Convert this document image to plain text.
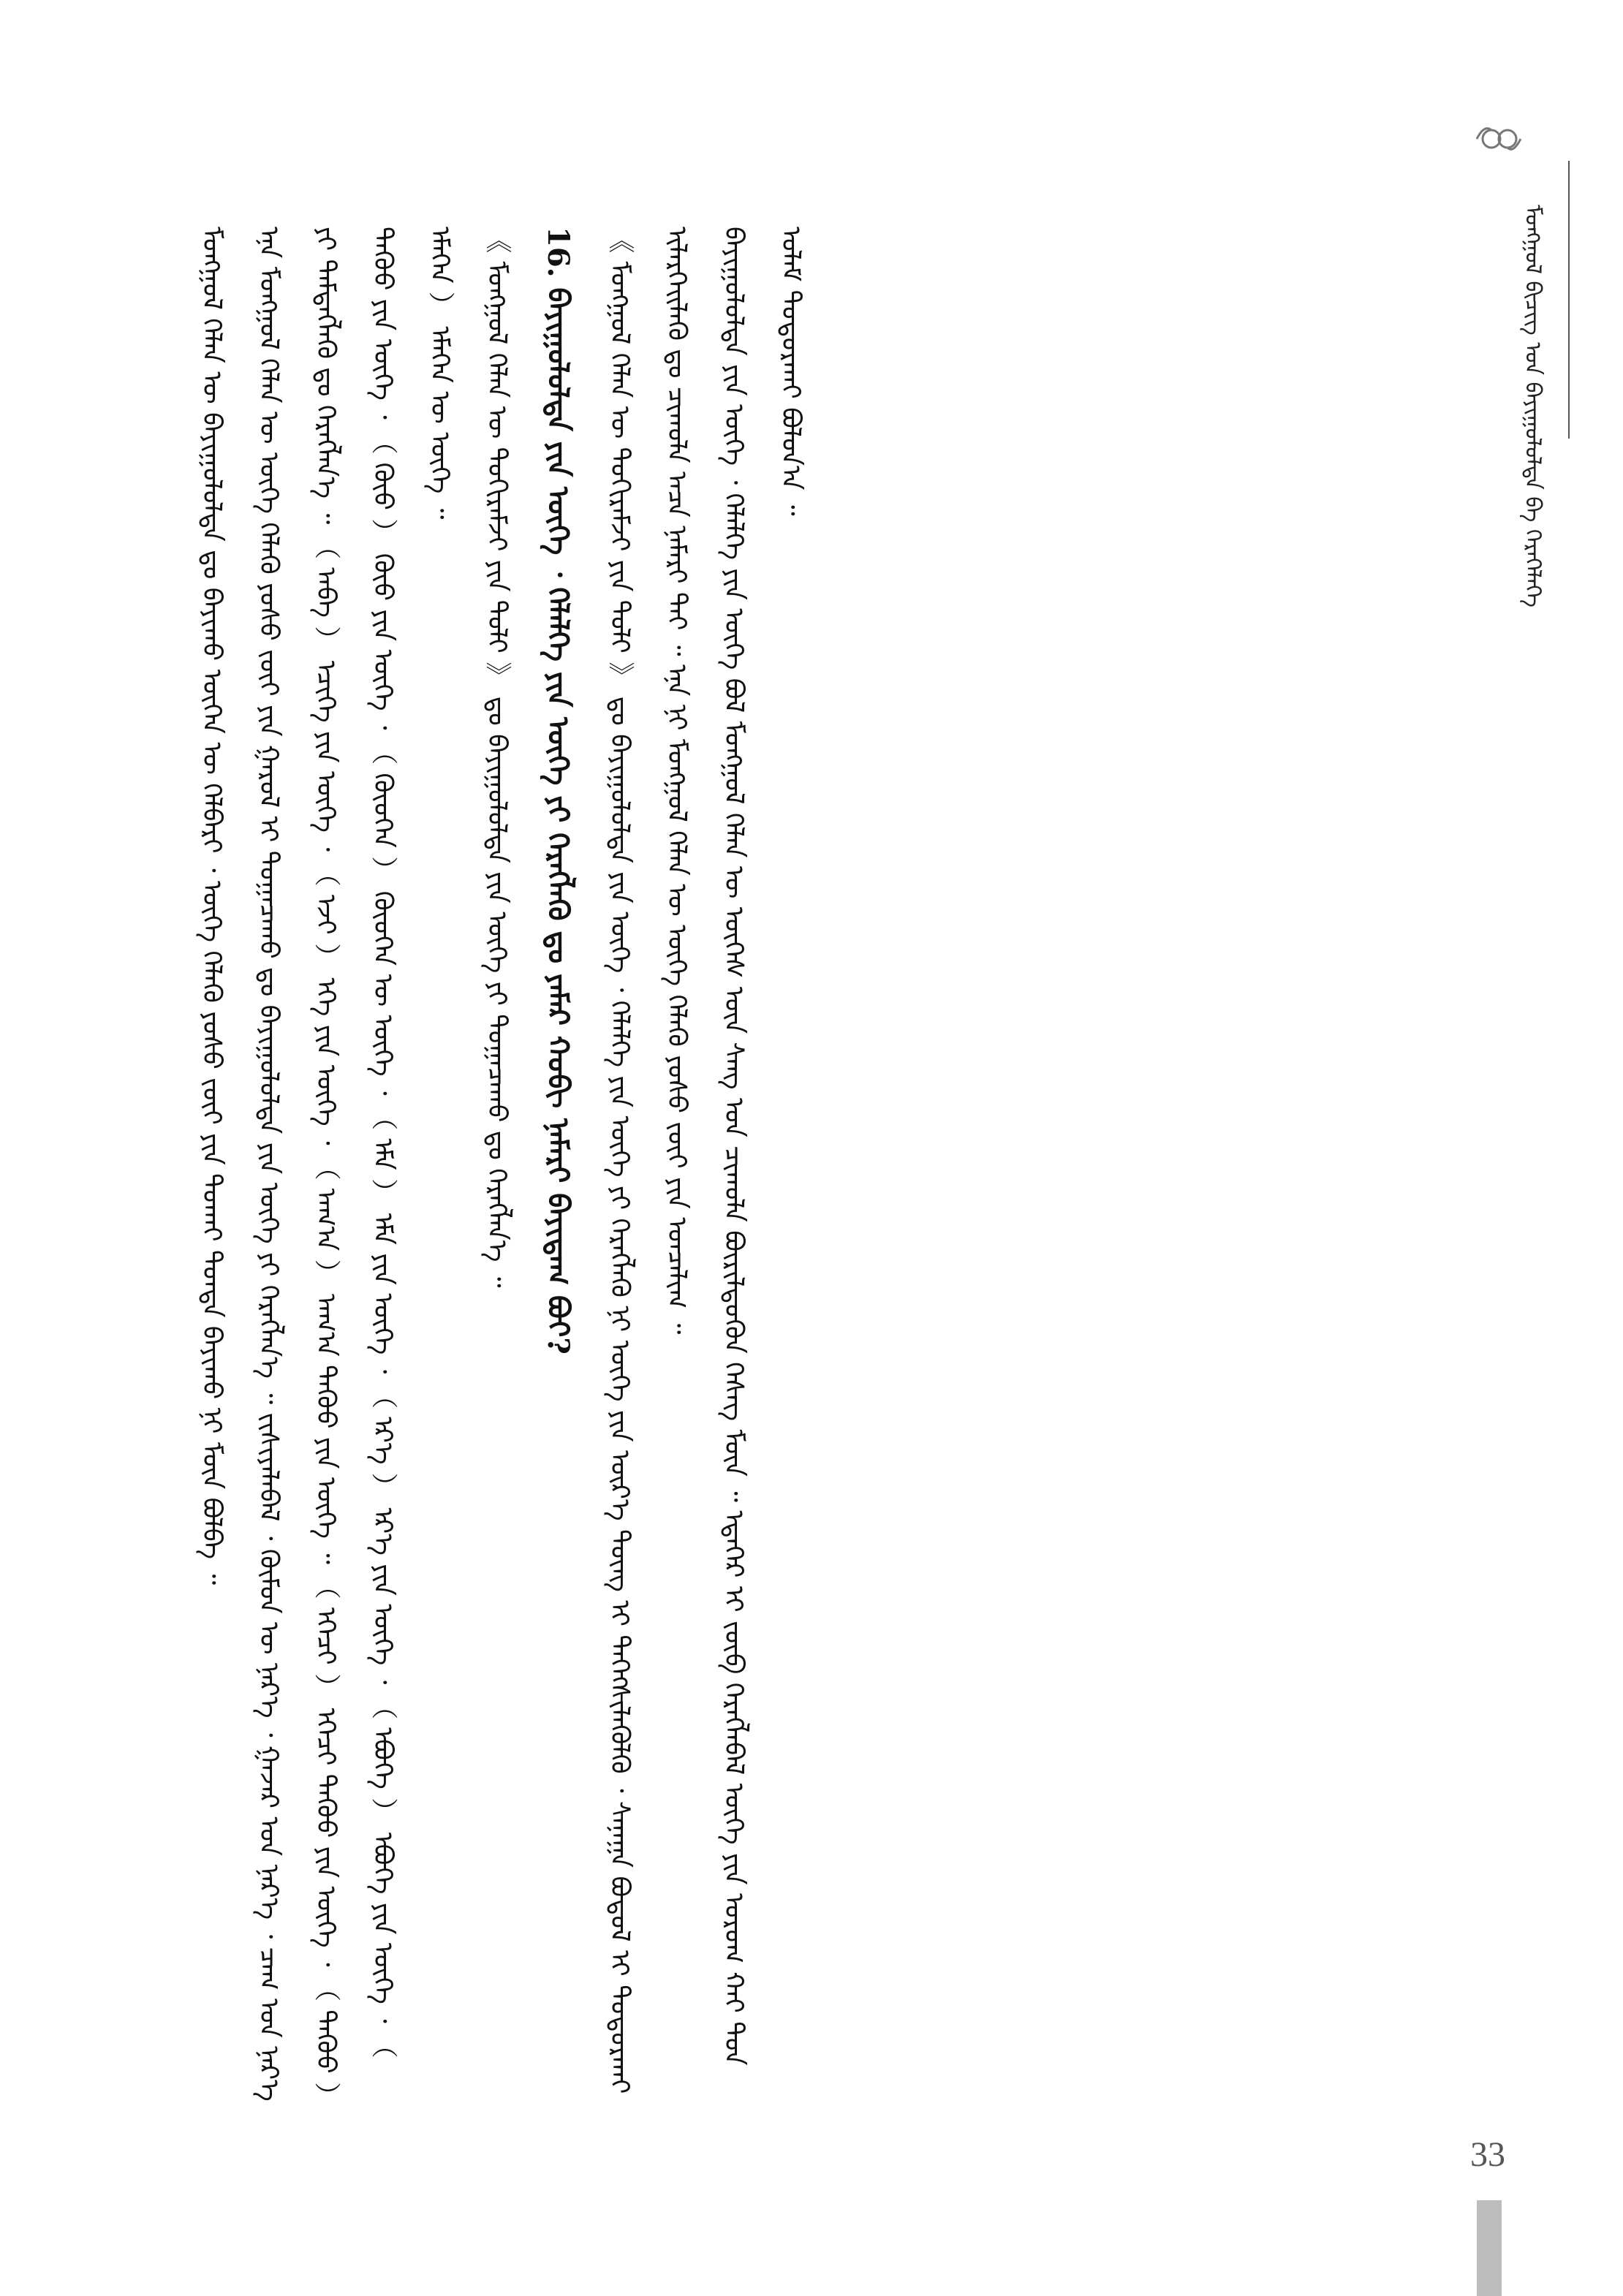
ᠮᠣᠩᠭᠣᠯ ᠪᠢᠴᠢᠭ᠌ ᠤᠨ ᠪᠠᠶᠢᠭᠤᠯᠤᠯᠲᠠ ᠪᠠ ᠬᠡᠷᠡᠭᠡᠯᠡᠭᠡ

ᠮᠣᠩᠭᠣᠯ ᠬᠡᠯᠡᠨ ᠦ ᠪᠠᠶᠢᠭᠤᠯᠤᠯᠲᠠ ᠳᠤ ᠪᠠᠶᠢᠬᠤ ᠦᠭᠡᠨ ᠦ ᠬᠡᠯᠪᠡᠷᠢ ᠂ ᠦᠭᠡ ᠬᠡᠯᠡᠬᠦ ᠶᠣᠰᠤ ᠵᠦᠢ ᠶᠢᠨ ᠲᠤᠬᠠᠢ ᠳᠤᠨᠳᠠ ᠪᠠᠶᠢᠬᠤ ᠨᠢ ᠮᠥᠨ ᠪᠣᠯᠪᠠ ᠃	ᠡᠨᠡ ᠮᠣᠩᠭᠣᠯ ᠬᠡᠯᠡᠨ ᠦ ᠦᠭᠡ ᠬᠡᠯᠡᠬᠦ ᠶᠣᠰᠤ ᠵᠦᠢ ᠶᠢᠨ ᠭᠠᠷᠤᠯ ᠢ ᠲᠣᠭᠠᠴᠠᠬᠤ ᠳᠤ ᠪᠠᠶᠢᠭᠤᠯᠤᠯᠲᠠ ᠶᠢᠨ ᠦᠭᠡ ᠶᠢ ᠬᠡᠷᠡᠭᠯᠡᠨ᠎ᠡ ᠃ ᠵᠢᠱᠢᠶᠡᠯᠡᠪᠡᠯ ᠂ ᠬᠦᠮᠦᠨ ᠦ ᠨᠡᠷ᠎ᠡ ᠂ ᠭᠠᠵᠠᠷ ᠤᠨ ᠨᠡᠷ᠎ᠡ ᠂ ᠴᠠᠭ ᠤᠨ ᠨᠡᠷ᠎ᠡ ᠶᠢ ᠲᠡᠮᠳᠡᠭᠯᠡᠬᠦ ᠳᠤ ᠬᠡᠷᠡᠭᠯᠡᠨ᠎ᠡ ᠃ （ ᠠᠪᠠ ） ᠡᠴᠢᠭᠡ ᠶᠢᠨ ᠦᠭᠡ ᠂ （ ᠡᠵᠢ ） ᠡᠬᠡ ᠶᠢᠨ ᠦᠭᠡ ᠂ （ ᠠᠬ᠎ᠠ ） ᠠᠬ᠎ᠠ ᠳᠡᠭᠦᠦ ᠶᠢᠨ ᠦᠭᠡ ᠃ （ ᠡᠭᠡᠴᠢ ） ᠡᠭᠡᠴᠢ ᠳᠡᠭᠦᠦ ᠶᠢᠨ ᠦᠭᠡ ᠂ （ ᠳᠡᠭᠦᠦ ） ᠳᠡᠭᠦᠦ ᠶᠢᠨ ᠦᠭᠡ ᠂ （ ᠬᠦᠦ ） ᠬᠦᠦ ᠶᠢᠨ ᠦᠭᠡ ᠂ （ ᠬᠦᠦᠬᠡᠨ ） ᠬᠦᠦᠬᠡᠨ ᠦ ᠦᠭᠡ ᠂ （ ᠡᠮᠡ ） ᠡᠮᠡ ᠶᠢᠨ ᠦᠭᠡ ᠂ （ ᠡᠷ᠎ᠡ ） ᠡᠷ᠎ᠡ ᠶᠢᠨ ᠦᠭᠡ ᠂ （ ᠡᠪᠦᠭᠡ ） ᠡᠪᠦᠭᠡ ᠶᠢᠨ ᠦᠭᠡ ᠂ （ ᠡᠮᠡᠭᠡᠨ ） ᠡᠮᠡᠭᠡᠨ ᠦ ᠦᠭᠡ ᠃	《 ᠮᠣᠩᠭᠣᠯ ᠬᠡᠯᠡᠨ ᠦ ᠲᠣᠬᠢᠷᠠᠮᠵᠢ ᠶᠢᠨ ᠲᠣᠯᠢ 》 ᠳᠤ ᠪᠠᠶᠢᠭᠤᠯᠤᠯᠲᠠ ᠶᠢᠨ ᠦᠭᠡ ᠶᠢ ᠲᠣᠭᠠᠴᠠᠬᠤ ᠳᠤ ᠬᠡᠷᠡᠭᠯᠡᠨ᠎ᠡ ᠃	16. ᠪᠠᠶᠢᠭᠤᠯᠤᠯᠲᠠ ᠶᠢᠨ ᠦᠭᠡ ᠂ ᠬᠡᠯᠡᠯᠭᠡ ᠶᠢᠨ ᠦᠭᠡ ᠶᠢ ᠬᠡᠷᠡᠭᠯᠡᠬᠦ ᠳᠤ ᠶᠠᠮᠠᠷ ᠬᠤᠪᠢ ᠨᠡᠮᠡᠷᠢ ᠪᠠᠶᠢᠳᠠᠭ ᠪᠤᠢ?	《 ᠮᠣᠩᠭᠣᠯ ᠬᠡᠯᠡᠨ ᠦ ᠲᠣᠬᠢᠷᠠᠮᠵᠢ ᠶᠢᠨ ᠲᠣᠯᠢ 》 ᠳᠤ ᠪᠠᠶᠢᠭᠤᠯᠤᠯᠲᠠ ᠶᠢᠨ ᠦᠭᠡ ᠂ ᠬᠡᠯᠡᠯᠭᠡ ᠶᠢᠨ ᠦᠭᠡ ᠶᠢ ᠬᠡᠷᠡᠭᠯᠡᠬᠦ ᠨᠢ ᠦᠭᠡ ᠶᠢᠨ ᠦᠷ᠎ᠡ ᠳᠦᠩ ᠢ ᠳᠡᠭᠡᠭᠰᠢᠯᠡᠭᠦᠯᠬᠦ ᠂ ᠰᠠᠨᠠᠭᠠ ᠪᠣᠳᠤᠯ ᠢ ᠲᠣᠳᠤᠷᠬᠠᠢ ᠢᠯᠡᠷᠬᠡᠢᠯᠡᠬᠦ ᠳᠤ ᠴᠢᠬᠤᠯᠠ ᠠᠴᠠ ᠨᠡᠮᠡᠷᠢ ᠲᠠᠢ ᠃ ᠡᠨᠡ ᠨᠢ ᠮᠣᠩᠭᠣᠯ ᠬᠡᠯᠡᠨ ᠦ ᠦᠭᠡ ᠬᠡᠯᠡᠬᠦ ᠶᠣᠰᠤ ᠵᠦᠢ ᠶᠢᠨ ᠣᠨᠴᠠᠯᠢᠭ ᠃	ᠪᠠᠶᠢᠭᠤᠯᠤᠯᠲᠠ ᠶᠢᠨ ᠦᠭᠡ ᠂ ᠬᠡᠯᠡᠯᠭᠡ ᠶᠢᠨ ᠦᠭᠡ ᠪᠣᠯ ᠮᠣᠩᠭᠣᠯ ᠬᠡᠯᠡᠨ ᠦ ᠦᠭᠡᠰ ᠦᠨ ᠰᠠᠩ ᠤᠨ ᠴᠢᠬᠤᠯᠠ ᠪᠦᠷᠢᠯᠳᠦᠬᠦᠨ ᠬᠡᠰᠡᠭ ᠮᠥᠨ ᠃ ᠡᠳᠡᠭᠡᠷ ᠢ ᠵᠥᠪ ᠬᠡᠷᠡᠭᠯᠡᠪᠡᠯ ᠦᠭᠡ ᠶᠢᠨ ᠤᠷᠤᠭ ᠬᠠᠢ ᠳᠤᠨ ᠤᠯᠠᠮ ᠲᠣᠳᠤᠷᠬᠠᠢ ᠪᠣᠯᠤᠨ᠎ᠠ ᠃

33
